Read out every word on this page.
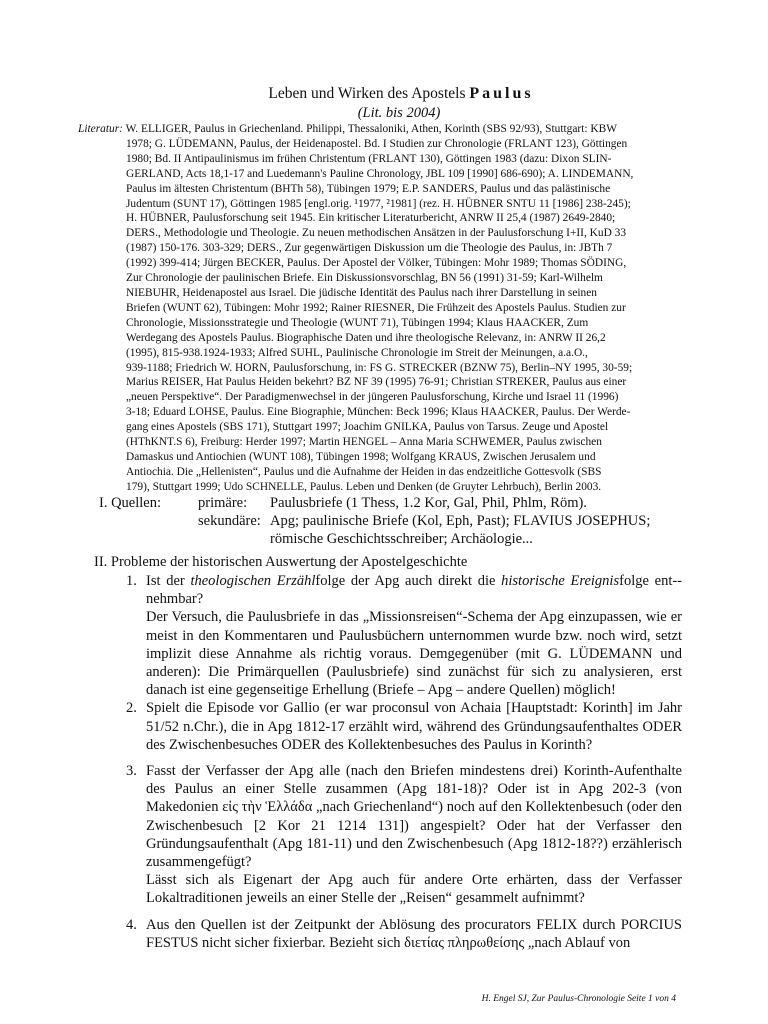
Leben und Wirken des Apostels Paulus
(Lit. bis 2004)
Literatur: W. ELLIGER, Paulus in Griechenland. Philippi, Thessaloniki, Athen, Korinth (SBS 92/93), Stuttgart: KBW
1978; G. LÜDEMANN, Paulus, der Heidenapostel. Bd. I Studien zur Chronologie (FRLANT 123), Göttingen
1980; Bd. II Antipaulinismus im frühen Christentum (FRLANT 130), Göttingen 1983 (dazu: Dixon SLIN-
GERLAND, Acts 18,1-17 and Luedemann's Pauline Chronology, JBL 109 [1990] 686-690); A. LINDEMANN,
Paulus im ältesten Christentum (BHTh 58), Tübingen 1979; E.P. SANDERS, Paulus und das palästinische
Judentum (SUNT 17), Göttingen 1985 [engl.orig. ¹1977, ²1981] (rez. H. HÜBNER SNTU 11 [1986] 238-245);
H. HÜBNER, Paulusforschung seit 1945. Ein kritischer Literaturbericht, ANRW II 25,4 (1987) 2649-2840;
DERS., Methodologie und Theologie. Zu neuen methodischen Ansätzen in der Paulusforschung I+II, KuD 33
(1987) 150-176. 303-329; DERS., Zur gegenwärtigen Diskussion um die Theologie des Paulus, in: JBTh 7
(1992) 399-414; Jürgen BECKER, Paulus. Der Apostel der Völker, Tübingen: Mohr 1989; Thomas SÖDING,
Zur Chronologie der paulinischen Briefe. Ein Diskussionsvorschlag, BN 56 (1991) 31-59; Karl-Wilhelm
NIEBUHR, Heidenapostel aus Israel. Die jüdische Identität des Paulus nach ihrer Darstellung in seinen
Briefen (WUNT 62), Tübingen: Mohr 1992; Rainer RIESNER, Die Frühzeit des Apostels Paulus. Studien zur
Chronologie, Missionsstrategie und Theologie (WUNT 71), Tübingen 1994; Klaus HAACKER, Zum
Werdegang des Apostels Paulus. Biographische Daten und ihre theologische Relevanz, in: ANRW II 26,2
(1995), 815-938.1924-1933; Alfred SUHL, Paulinische Chronologie im Streit der Meinungen, a.a.O.,
939-1188; Friedrich W. HORN, Paulusforschung, in: FS G. STRECKER (BZNW 75), Berlin–NY 1995, 30-59;
Marius REISER, Hat Paulus Heiden bekehrt? BZ NF 39 (1995) 76-91; Christian STREKER, Paulus aus einer
„neuen Perspektive“. Der Paradigmenwechsel in der jüngeren Paulusforschung, Kirche und Israel 11 (1996)
3-18; Eduard LOHSE, Paulus. Eine Biographie, München: Beck 1996; Klaus HAACKER, Paulus. Der Werde-
gang eines Apostels (SBS 171), Stuttgart 1997; Joachim GNILKA, Paulus von Tarsus. Zeuge und Apostel
(HThKNT.S 6), Freiburg: Herder 1997; Martin HENGEL – Anna Maria SCHWEMER, Paulus zwischen
Damaskus und Antiochien (WUNT 108), Tübingen 1998; Wolfgang KRAUS, Zwischen Jerusalem und
Antiochia. Die „Hellenisten“, Paulus und die Aufnahme der Heiden in das endzeitliche Gottesvolk (SBS
179), Stuttgart 1999; Udo SCHNELLE, Paulus. Leben und Denken (de Gruyter Lehrbuch), Berlin 2003.
I. Quellen:	primäre:	Paulusbriefe (1 Thess, 1.2 Kor, Gal, Phil, Phlm, Röm).
sekundäre: Apg; paulinische Briefe (Kol, Eph, Past); FLAVIUS JOSEPHUS; römische Geschichtsschreiber; Archäologie...
II. Probleme der historischen Auswertung der Apostelgeschichte
1. Ist der theologischen Erzählfolge der Apg auch direkt die historische Ereignisfolge ent-- nehmbar?
Der Versuch, die Paulusbriefe in das „Missionsreisen“-Schema der Apg einzupassen, wie er meist in den Kommentaren und Paulusbüchern unternommen wurde bzw. noch wird, setzt implizit diese Annahme als richtig voraus. Demgegenüber (mit G. LÜDEMANN und anderen): Die Primärquellen (Paulusbriefe) sind zunächst für sich zu analysieren, erst danach ist eine gegenseitige Erhellung (Briefe – Apg – andere Quellen) möglich!
2. Spielt die Episode vor Gallio (er war proconsul von Achaia [Hauptstadt: Korinth] im Jahr 51/52 n.Chr.), die in Apg 1812-17 erzählt wird, während des Gründungsaufenthaltes ODER des Zwischenbesuches ODER des Kollektenbesuches des Paulus in Korinth?
3. Fasst der Verfasser der Apg alle (nach den Briefen mindestens drei) Korinth-Aufenthalte des Paulus an einer Stelle zusammen (Apg 181-18)? Oder ist in Apg 202-3 (von Makedonien εἰς τὴν Ἑλλάδα „nach Griechenland“) noch auf den Kollektenbesuch (oder den Zwischenbesuch [2 Kor 21 1214 131]) angespielt? Oder hat der Verfasser den Gründungsaufenthalt (Apg 181-11) und den Zwischenbesuch (Apg 1812-18??) erzählerisch zusammengefügt?
Lässt sich als Eigenart der Apg auch für andere Orte erhärten, dass der Verfasser Lokaltraditionen jeweils an einer Stelle der „Reisen“ gesammelt aufnimmt?
4. Aus den Quellen ist der Zeitpunkt der Ablösung des procurators FELIX durch PORCIUS FESTUS nicht sicher fixierbar. Bezieht sich διετίας πληρωθείσης „nach Ablauf von
H. Engel SJ, Zur Paulus-Chronologie Seite 1 von 4
